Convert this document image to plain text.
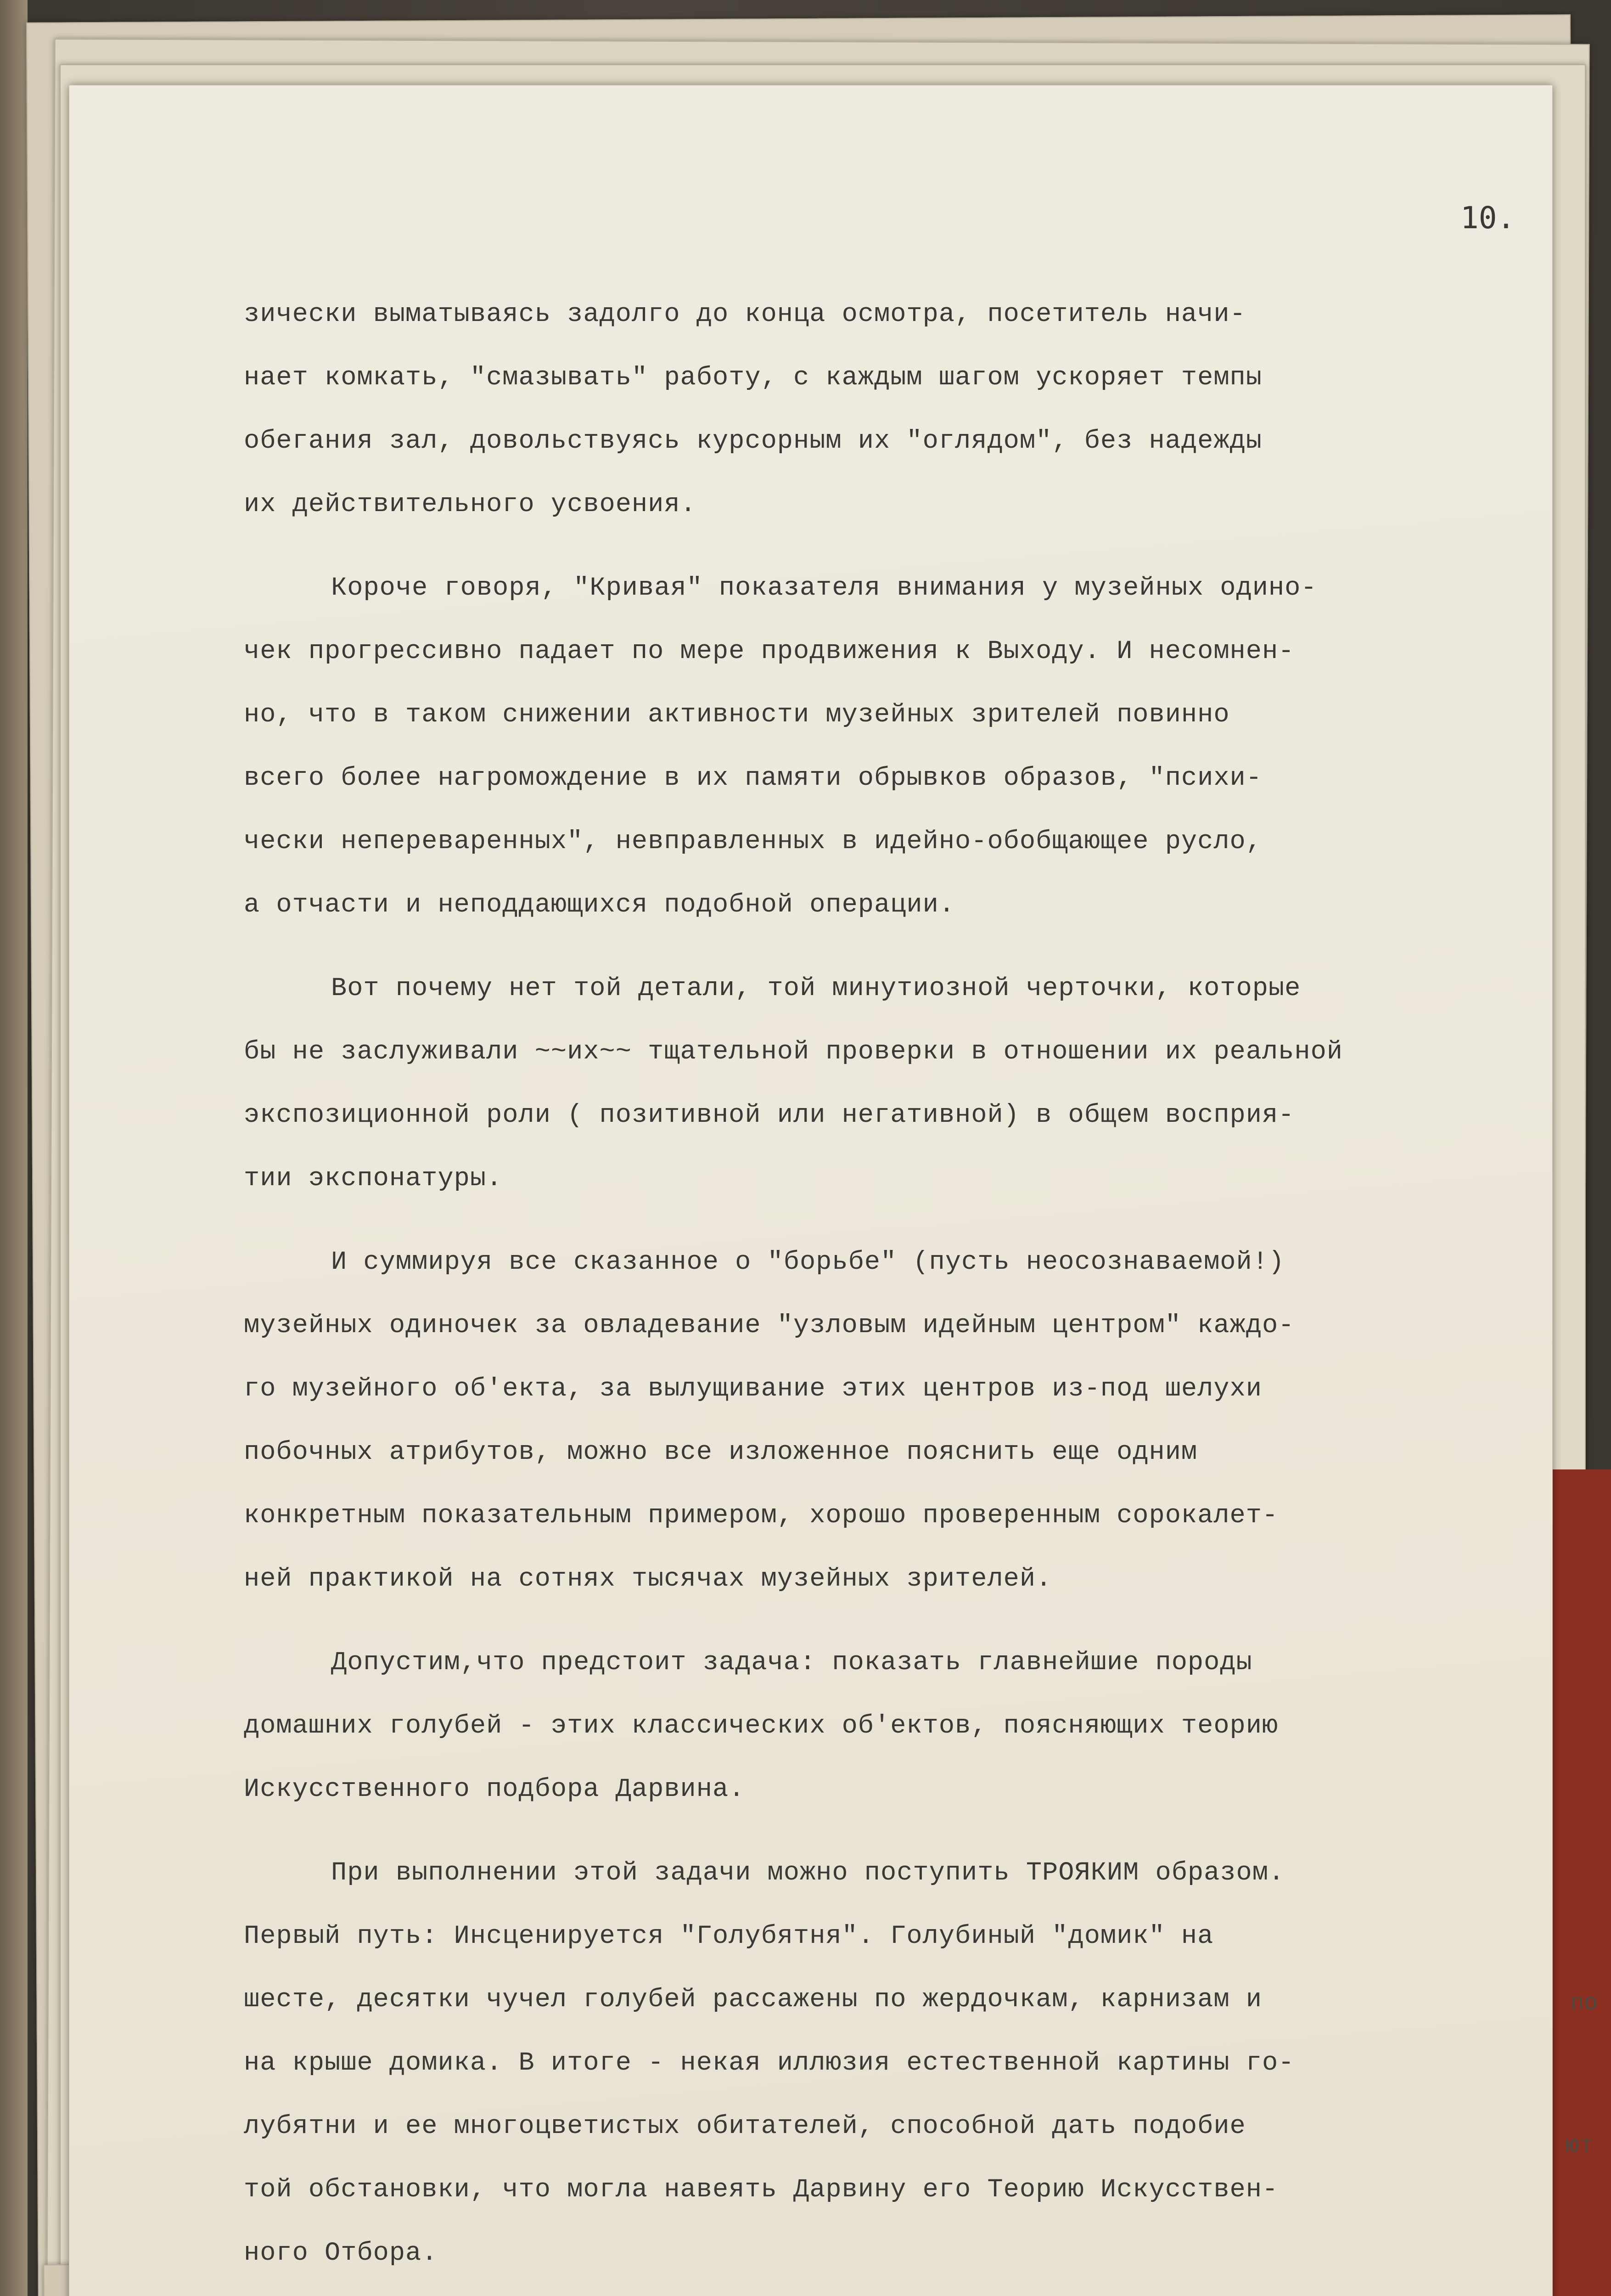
по

ют

10.

зически выматываясь задолго до конца осмотра, посетитель начи-
нает комкать, "смазывать" работу, с каждым шагом ускоряет темпы
обегания зал, довольствуясь курсорным их "оглядом", без надежды
их действительного усвоения.
Короче говоря, "Кривая" показателя внимания у музейных одино-
чек прогрессивно падает по мере продвижения к Выходу. И несомнен-
но, что в таком снижении активности музейных зрителей повинно
всего более нагромождение в их памяти обрывков образов, "психи-
чески непереваренных", невправленных в идейно-обобщающее русло,
а отчасти и неподдающихся подобной операции.
Вот почему нет той детали, той минутиозной черточки, которые
бы не заслуживали ~~их~~ тщательной проверки в отношении их реальной
экспозиционной роли ( позитивной или негативной) в общем восприя-
тии экспонатуры.
И суммируя все сказанное о "борьбе" (пусть неосознаваемой!)
музейных одиночек за овладевание "узловым идейным центром" каждо-
го музейного об'екта, за вылущивание этих центров из-под шелухи
побочных атрибутов, можно все изложенное пояснить еще одним
конкретным показательным примером, хорошо проверенным сорокалет-
ней практикой на сотнях тысячах музейных зрителей.
Допустим,что предстоит задача: показать главнейшие породы
домашних голубей - этих классических об'ектов, поясняющих теорию
Искусственного подбора Дарвина.
При выполнении этой задачи можно поступить ТРОЯКИМ образом.
Первый путь: Инсценируется "Голубятня". Голубиный "домик" на
шесте, десятки чучел голубей рассажены по жердочкам, карнизам и
на крыше домика. В итоге - некая иллюзия естественной картины го-
лубятни и ее многоцветистых обитателей, способной дать подобие
той обстановки, что могла навеять Дарвину его Теорию Искусствен-
ного Отбора.
